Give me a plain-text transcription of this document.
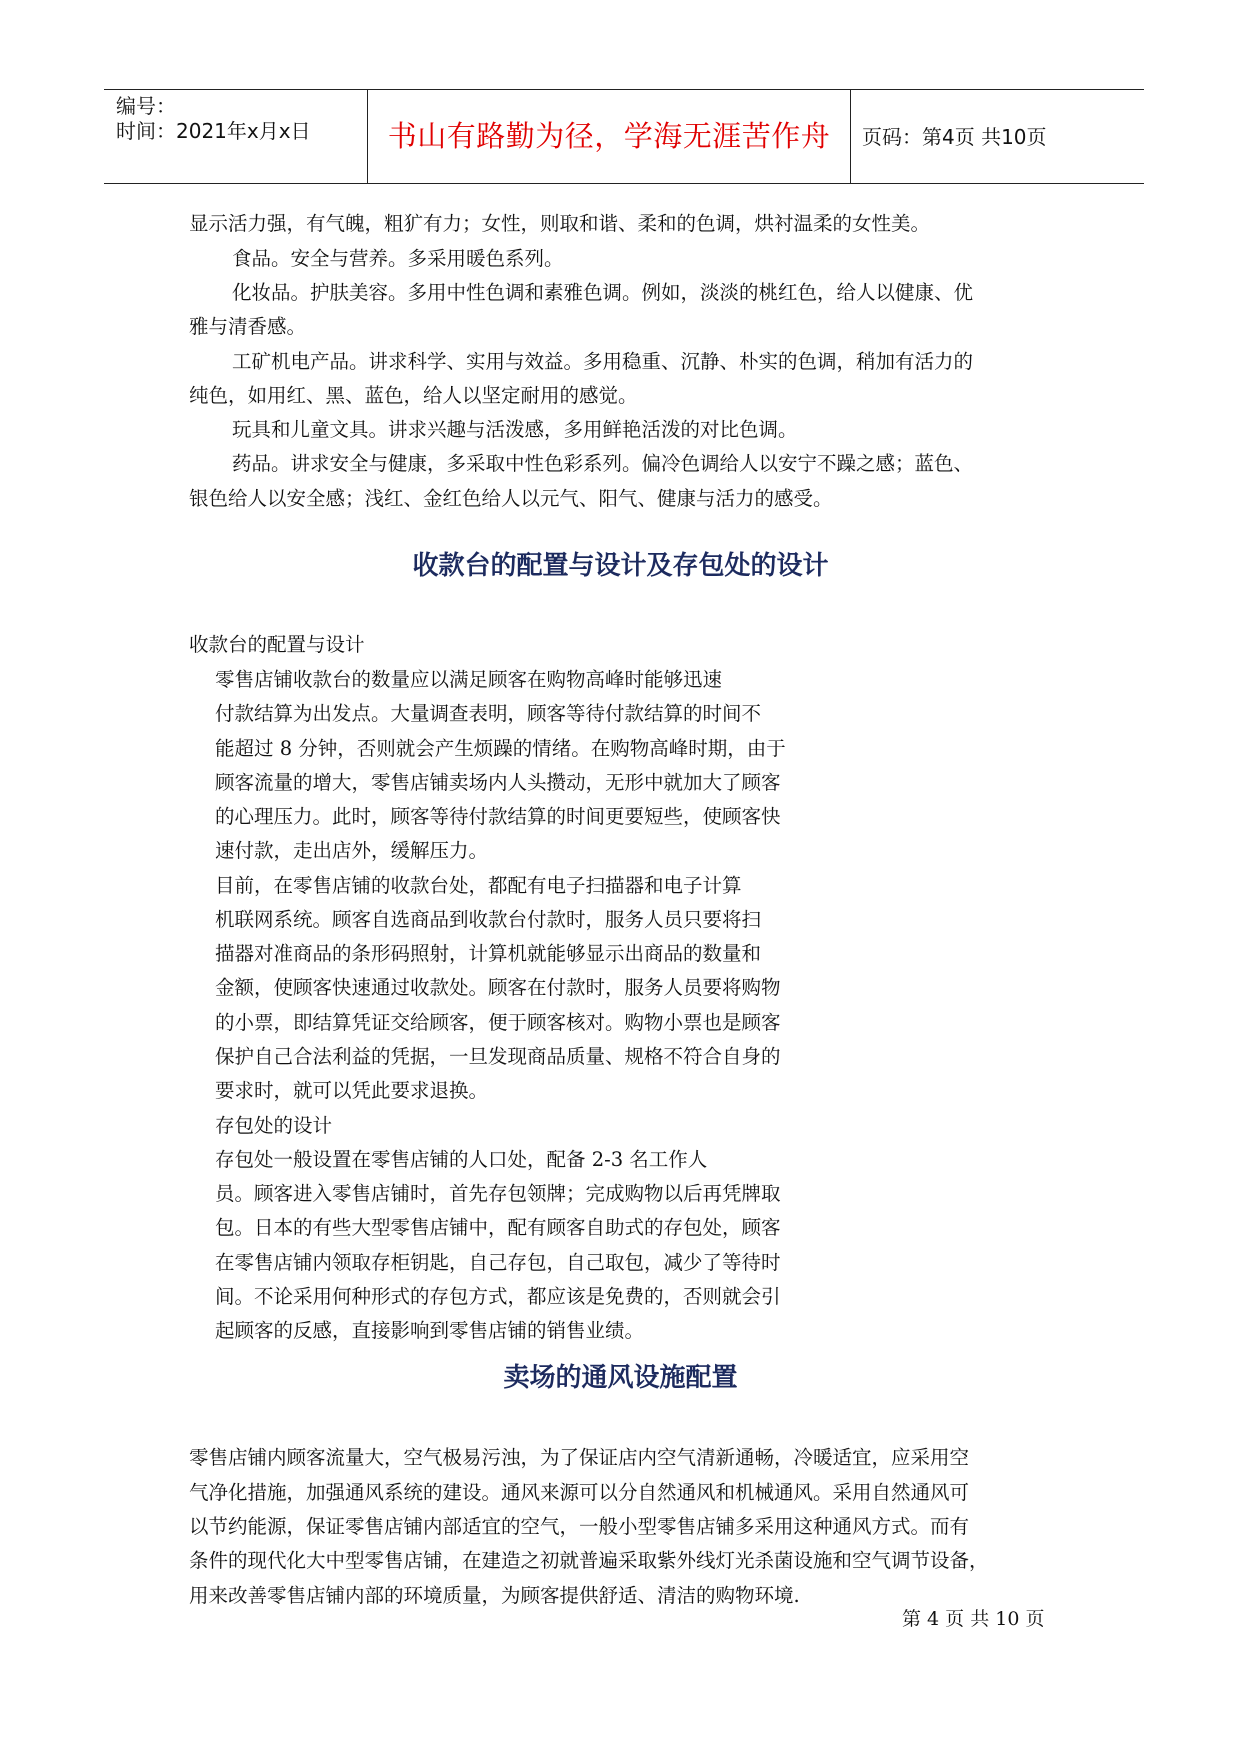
编号：
时间：2021年x月x日	书山有路勤为径，学海无涯苦作舟	页码：第4页 共10页
显示活力强，有气魄，粗犷有力；女性，则取和谐、柔和的色调，烘衬温柔的女性美。
食品。安全与营养。多采用暖色系列。
化妆品。护肤美容。多用中性色调和素雅色调。例如，淡淡的桃红色，给人以健康、优
雅与清香感。
工矿机电产品。讲求科学、实用与效益。多用稳重、沉静、朴实的色调，稍加有活力的
纯色，如用红、黑、蓝色，给人以坚定耐用的感觉。
玩具和儿童文具。讲求兴趣与活泼感，多用鲜艳活泼的对比色调。
药品。讲求安全与健康，多采取中性色彩系列。偏冷色调给人以安宁不躁之感；蓝色、
银色给人以安全感；浅红、金红色给人以元气、阳气、健康与活力的感受。
收款台的配置与设计及存包处的设计
收款台的配置与设计
零售店铺收款台的数量应以满足顾客在购物高峰时能够迅速
付款结算为出发点。大量调查表明，顾客等待付款结算的时间不
能超过 8 分钟，否则就会产生烦躁的情绪。在购物高峰时期，由于
顾客流量的增大，零售店铺卖场内人头攒动，无形中就加大了顾客
的心理压力。此时，顾客等待付款结算的时间更要短些，使顾客快
速付款，走出店外，缓解压力。
目前，在零售店铺的收款台处，都配有电子扫描器和电子计算
机联网系统。顾客自选商品到收款台付款时，服务人员只要将扫
描器对准商品的条形码照射，计算机就能够显示出商品的数量和
金额，使顾客快速通过收款处。顾客在付款时，服务人员要将购物
的小票，即结算凭证交给顾客，便于顾客核对。购物小票也是顾客
保护自己合法利益的凭据，一旦发现商品质量、规格不符合自身的
要求时，就可以凭此要求退换。
存包处的设计
存包处一般设置在零售店铺的人口处，配备 2-3 名工作人
员。顾客进入零售店铺时，首先存包领牌；完成购物以后再凭牌取
包。日本的有些大型零售店铺中，配有顾客自助式的存包处，顾客
在零售店铺内领取存柜钥匙，自己存包，自己取包，减少了等待时
间。不论采用何种形式的存包方式，都应该是免费的，否则就会引
起顾客的反感，直接影响到零售店铺的销售业绩。
卖场的通风设施配置
零售店铺内顾客流量大，空气极易污浊，为了保证店内空气清新通畅，冷暖适宜，应采用空
气净化措施，加强通风系统的建设。通风来源可以分自然通风和机械通风。采用自然通风可
以节约能源，保证零售店铺内部适宜的空气，一般小型零售店铺多采用这种通风方式。而有
条件的现代化大中型零售店铺，在建造之初就普遍采取紫外线灯光杀菌设施和空气调节设备，
用来改善零售店铺内部的环境质量，为顾客提供舒适、清洁的购物环境.
第 4 页 共 10 页
